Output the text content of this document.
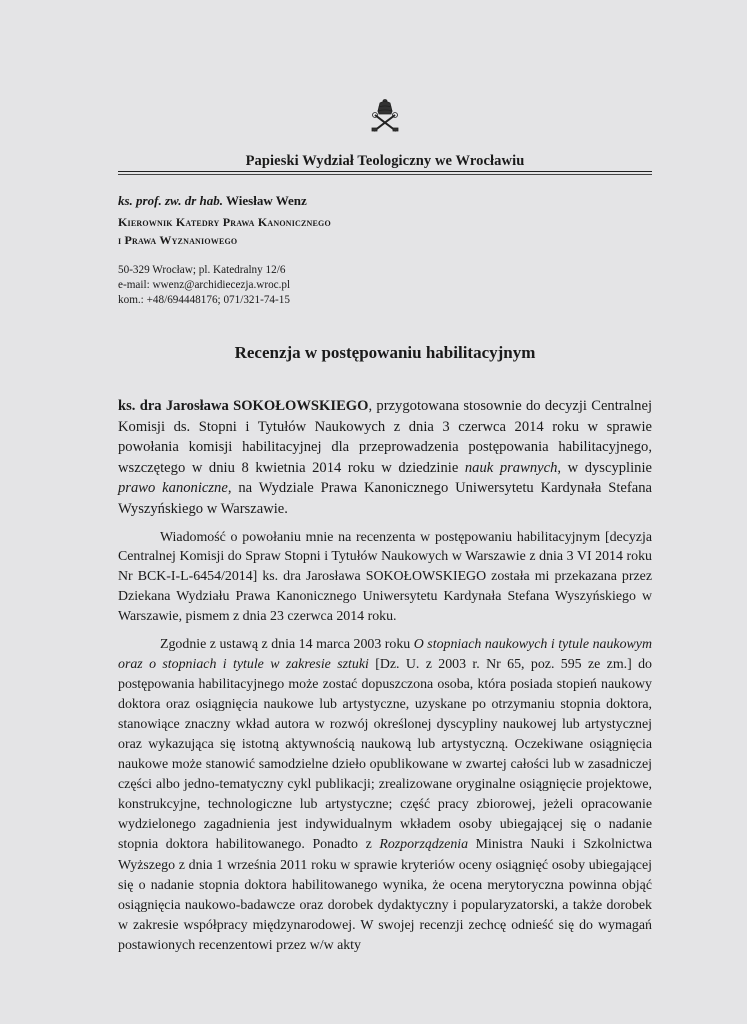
Papieski Wydział Teologiczny we Wrocławiu
ks. prof. zw. dr hab. Wiesław Wenz
Kierownik Katedry Prawa Kanonicznego
i Prawa Wyznaniowego
50-329 Wrocław; pl. Katedralny 12/6
e-mail: wwenz@archidiecezja.wroc.pl
kom.: +48/694448176; 071/321-74-15
Recenzja w postępowaniu habilitacyjnym

ks. dra Jarosława SOKOŁOWSKIEGO, przygotowana stosownie do decyzji Centralnej Komisji ds. Stopni i Tytułów Naukowych z dnia 3 czerwca 2014 roku w sprawie powołania komisji habilitacyjnej dla przeprowadzenia postępowania habilitacyjnego, wszczętego w dniu 8 kwietnia 2014 roku w dziedzinie nauk prawnych, w dyscyplinie prawo kanoniczne, na Wydziale Prawa Kanonicznego Uniwersytetu Kardynała Stefana Wyszyńskiego w Warszawie.

Wiadomość o powołaniu mnie na recenzenta w postępowaniu habilitacyjnym [decyzja Centralnej Komisji do Spraw Stopni i Tytułów Naukowych w Warszawie z dnia 3 VI 2014 roku Nr BCK-I-L-6454/2014] ks. dra Jarosława SOKOŁOWSKIEGO została mi przekazana przez Dziekana Wydziału Prawa Kanonicznego Uniwersytetu Kardynała Stefana Wyszyńskiego w Warszawie, pismem z dnia 23 czerwca 2014 roku.

Zgodnie z ustawą z dnia 14 marca 2003 roku O stopniach naukowych i tytule naukowym oraz o stopniach i tytule w zakresie sztuki [Dz. U. z 2003 r. Nr 65, poz. 595 ze zm.] do postępowania habilitacyjnego może zostać dopuszczona osoba, która posiada stopień naukowy doktora oraz osiągnięcia naukowe lub artystyczne, uzyskane po otrzymaniu stopnia doktora, stanowiące znaczny wkład autora w rozwój określonej dyscypliny naukowej lub artystycznej oraz wykazująca się istotną aktywnością naukową lub artystyczną. Oczekiwane osiągnięcia naukowe może stanowić samodzielne dzieło opublikowane w zwartej całości lub w zasadniczej części albo jedno-tematyczny cykl publikacji; zrealizowane oryginalne osiągnięcie projektowe, konstrukcyjne, technologiczne lub artystyczne; część pracy zbiorowej, jeżeli opracowanie wydzielonego zagadnienia jest indywidualnym wkładem osoby ubiegającej się o nadanie stopnia doktora habilitowanego. Ponadto z Rozporządzenia Ministra Nauki i Szkolnictwa Wyższego z dnia 1 września 2011 roku w sprawie kryteriów oceny osiągnięć osoby ubiegającej się o nadanie stopnia doktora habilitowanego wynika, że ocena merytoryczna powinna objąć osiągnięcia naukowo-badawcze oraz dorobek dydaktyczny i popularyzatorski, a także dorobek w zakresie współpracy międzynarodowej. W swojej recenzji zechcę odnieść się do wymagań postawionych recenzentowi przez w/w akty
